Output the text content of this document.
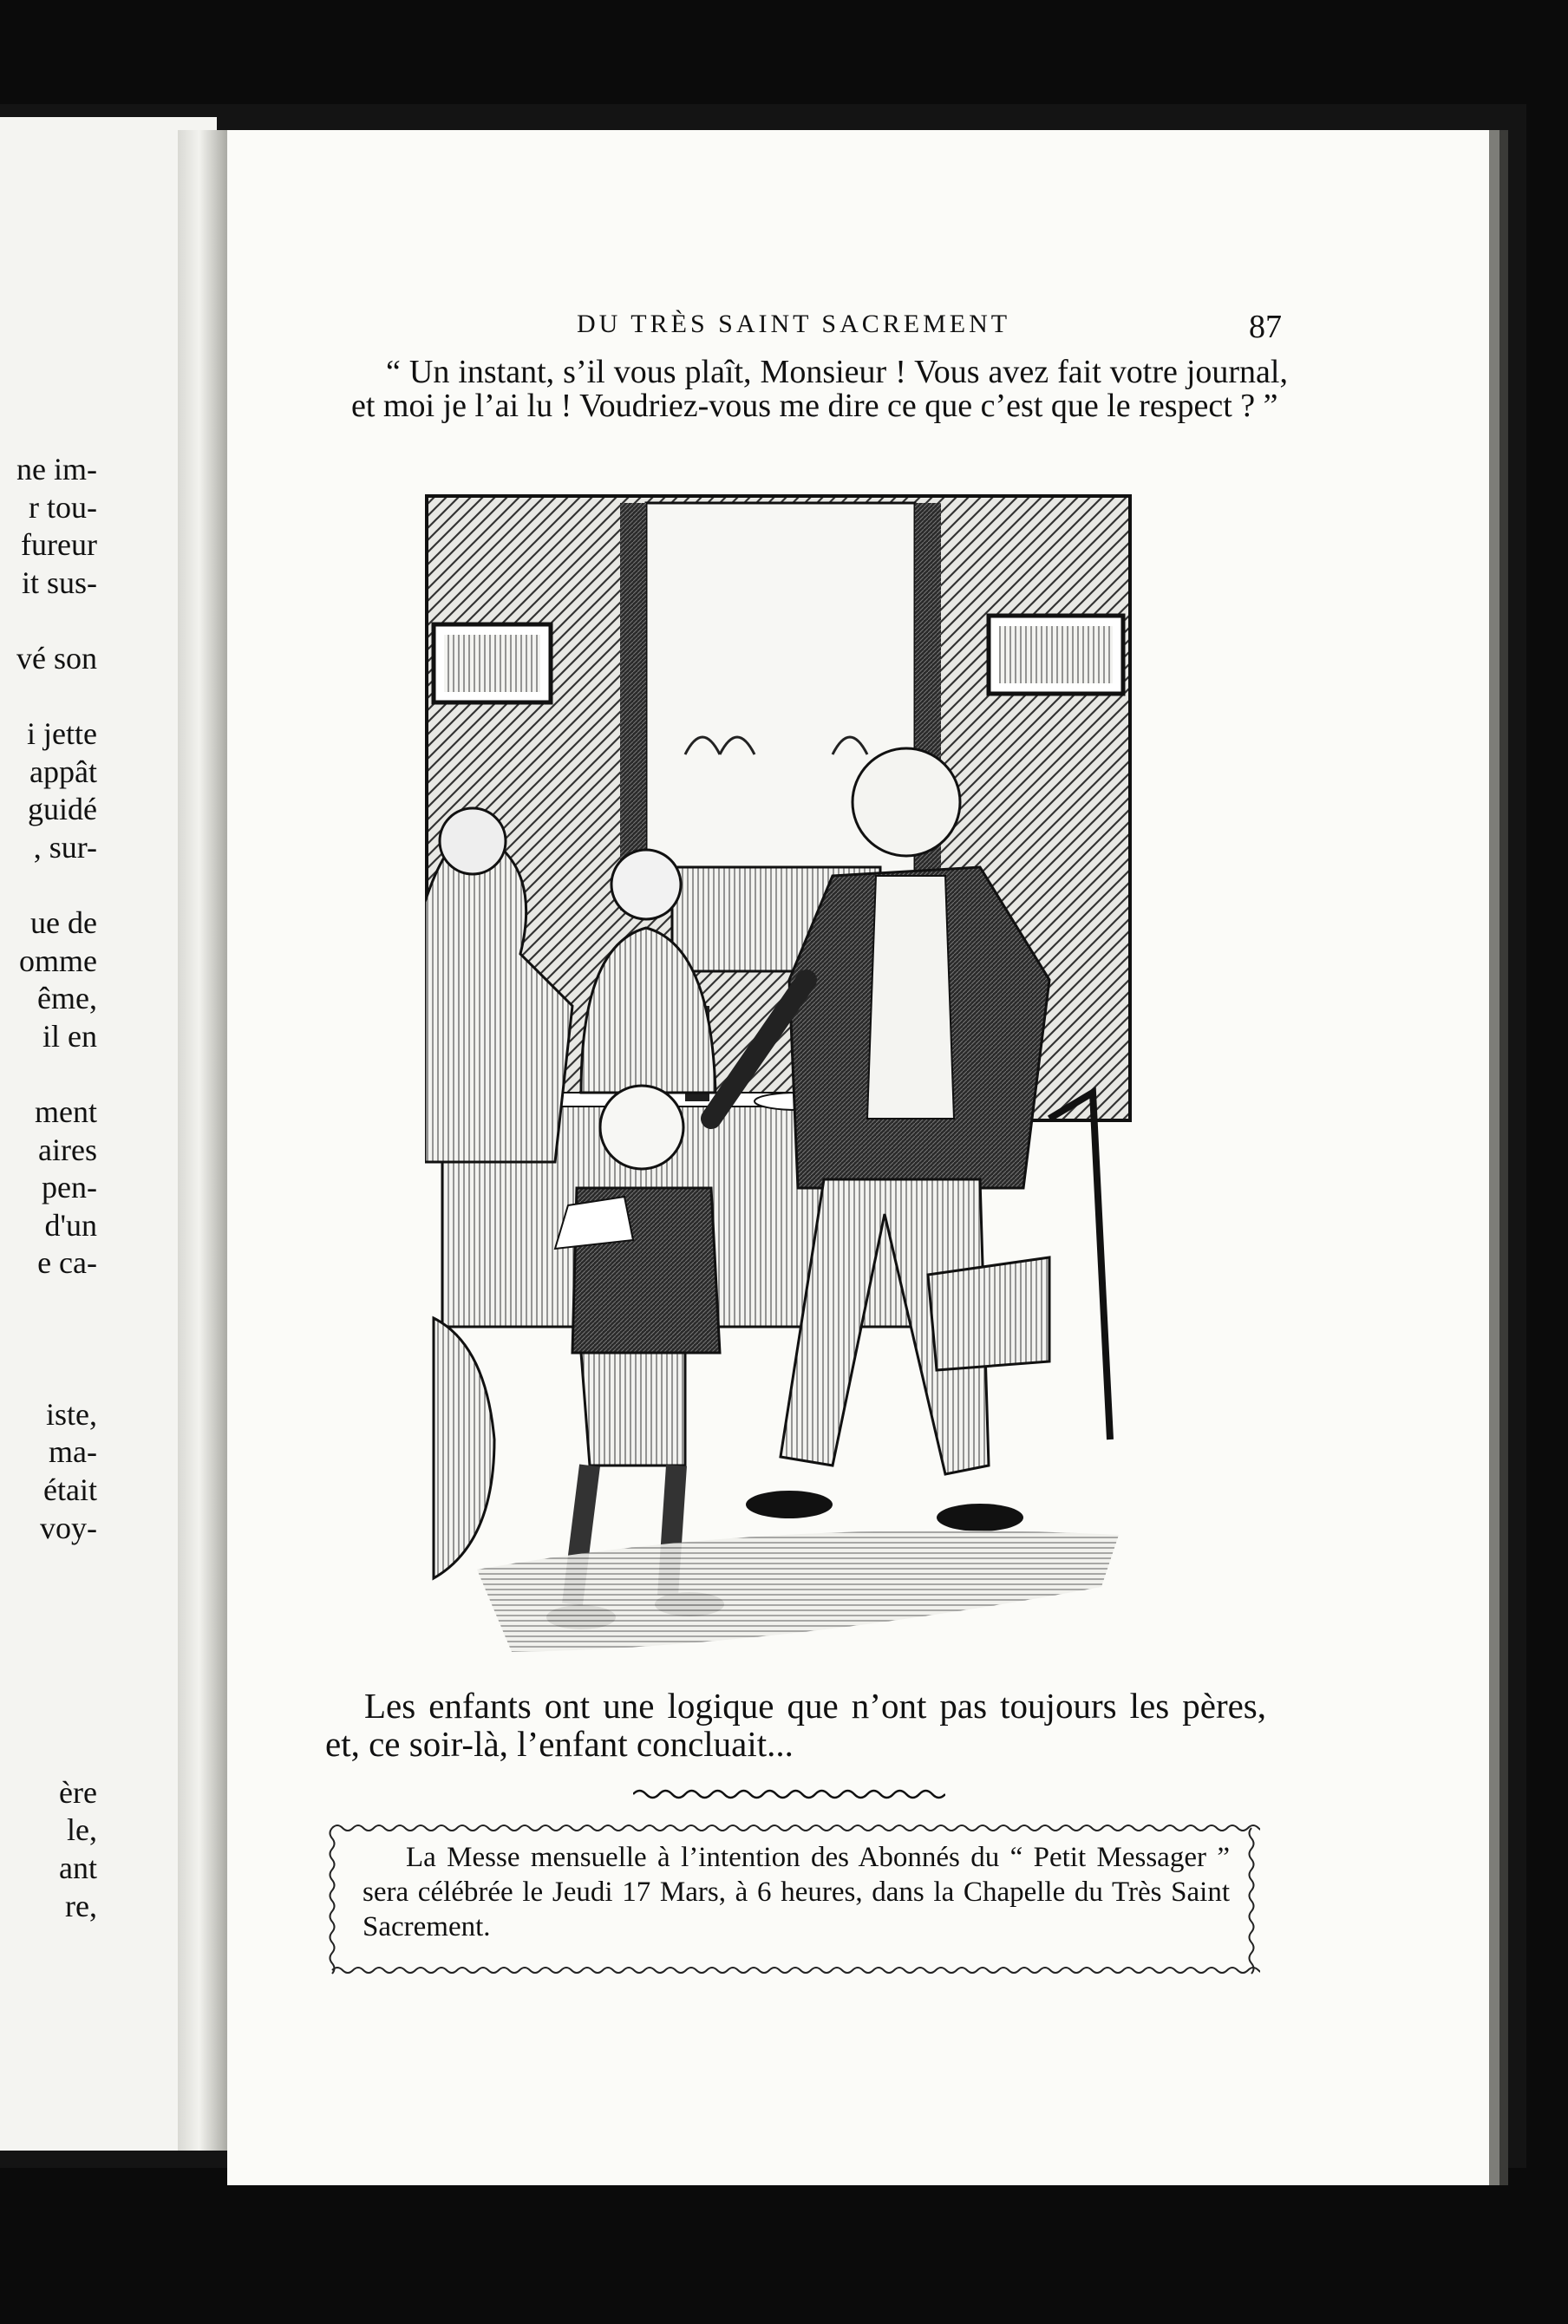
ne im-
r tou-
fureur
it sus-
vé son
i jette
appât
guidé
, sur-
ue de
omme
ême,
il en
ment
aires
pen-
d'un
e ca-
iste,
ma-
était
voy-
ère
le,
ant
re,
DU TRÈS SAINT SACREMENT	87
“ Un instant, s’il vous plaît, Monsieur ! Vous avez fait votre journal, et moi je l’ai lu ! Voudriez-vous me dire ce que c’est que le respect ? ”
Les enfants ont une logique que n’ont pas toujours les pères, et, ce soir-là, l’enfant concluait...
La Messe mensuelle à l’intention des Abonnés du “ Petit Messager ” sera célébrée le Jeudi 17 Mars, à 6 heures, dans la Chapelle du Très Saint Sacrement.
